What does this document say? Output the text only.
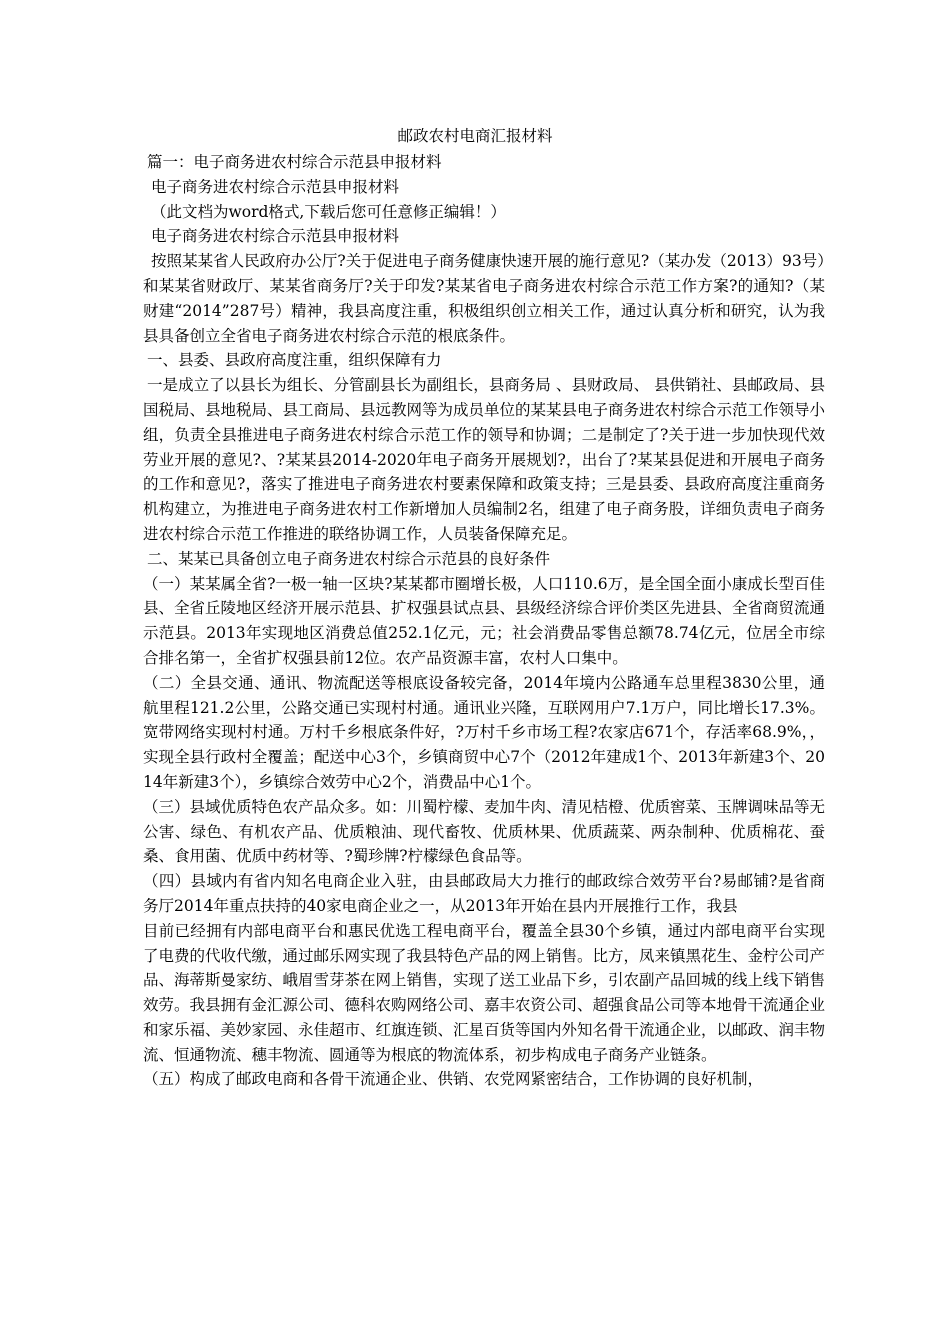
邮政农村电商汇报材料

篇一：电子商务进农村综合示范县申报材料

电子商务进农村综合示范县申报材料

（此文档为word格式,下载后您可任意修正编辑！）

电子商务进农村综合示范县申报材料

按照某某省人民政府办公厅?关于促进电子商务健康快速开展的施行意见?（某办发（2013）93号）和某某省财政厅、某某省商务厅?关于印发?某某省电子商务进农村综合示范工作方案?的通知?（某财建“2014”287号）精神，我县高度注重，积极组织创立相关工作，通过认真分析和研究，认为我县具备创立全省电子商务进农村综合示范的根底条件。

一、县委、县政府高度注重，组织保障有力

一是成立了以县长为组长、分管副县长为副组长，县商务局 、县财政局、 县供销社、县邮政局、县国税局、县地税局、县工商局、县远教网等为成员单位的某某县电子商务进农村综合示范工作领导小组，负责全县推进电子商务进农村综合示范工作的领导和协调；二是制定了?关于进一步加快现代效劳业开展的意见?、?某某县2014-2020年电子商务开展规划?，出台了?某某县促进和开展电子商务的工作和意见?，落实了推进电子商务进农村要素保障和政策支持；三是县委、县政府高度注重商务机构建立，为推进电子商务进农村工作新增加人员编制2名，组建了电子商务股，详细负责电子商务进农村综合示范工作推进的联络协调工作，人员装备保障充足。

二、某某已具备创立电子商务进农村综合示范县的良好条件

（一）某某属全省?一极一轴一区块?某某都市圈增长极，人口110.6万，是全国全面小康成长型百佳县、全省丘陵地区经济开展示范县、扩权强县试点县、县级经济综合评价类区先进县、全省商贸流通示范县。2013年实现地区消费总值252.1亿元，元；社会消费品零售总额78.74亿元，位居全市综合排名第一，全省扩权强县前12位。农产品资源丰富，农村人口集中。

（二）全县交通、通讯、物流配送等根底设备较完备，2014年境内公路通车总里程3830公里，通航里程121.2公里，公路交通已实现村村通。通讯业兴隆，互联网用户7.1万户，同比增长17.3%。宽带网络实现村村通。万村千乡根底条件好，?万村千乡市场工程?农家店671个，存活率68.9%，，实现全县行政村全覆盖；配送中心3个，乡镇商贸中心7个（2012年建成1个、2013年新建3个、2014年新建3个），乡镇综合效劳中心2个，消费品中心1个。

（三）县域优质特色农产品众多。如：川蜀柠檬、麦加牛肉、清见桔橙、优质窖菜、玉牌调味品等无公害、绿色、有机农产品、优质粮油、现代畜牧、优质林果、优质蔬菜、两杂制种、优质棉花、蚕桑、食用菌、优质中药材等、?蜀珍牌?柠檬绿色食品等。

（四）县域内有省内知名电商企业入驻，由县邮政局大力推行的邮政综合效劳平台?易邮铺?是省商务厅2014年重点扶持的40家电商企业之一，从2013年开始在县内开展推行工作，我县

目前已经拥有内部电商平台和惠民优选工程电商平台，覆盖全县30个乡镇，通过内部电商平台实现了电费的代收代缴，通过邮乐网实现了我县特色产品的网上销售。比方，凤来镇黑花生、金柠公司产品、海蒂斯曼家纺、峨眉雪芽茶在网上销售，实现了送工业品下乡，引农副产品回城的线上线下销售效劳。我县拥有金汇源公司、德科农购网络公司、嘉丰农资公司、超强食品公司等本地骨干流通企业和家乐福、美妙家园、永佳超市、红旗连锁、汇星百货等国内外知名骨干流通企业，以邮政、润丰物流、恒通物流、穗丰物流、圆通等为根底的物流体系，初步构成电子商务产业链条。

（五）构成了邮政电商和各骨干流通企业、供销、农党网紧密结合，工作协调的良好机制，
